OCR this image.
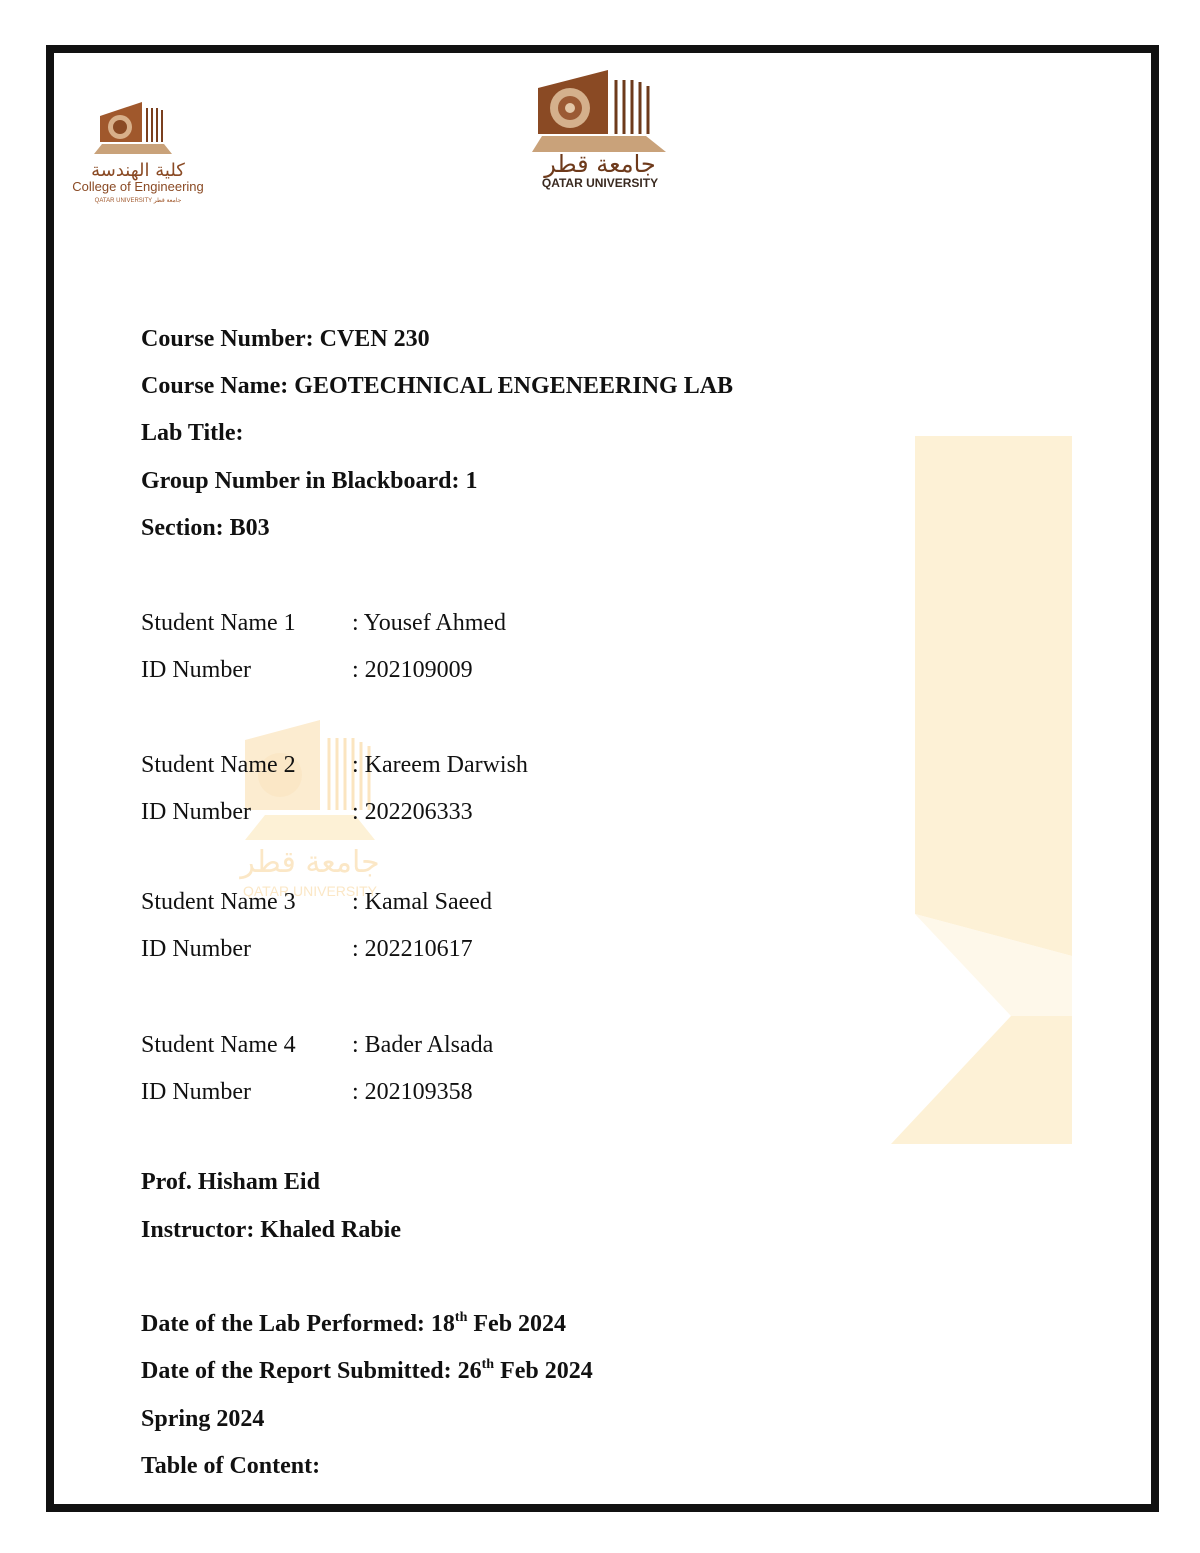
جامعة قطر
QATAR UNIVERSITY
كلية الهندسة
College of Engineering
QATAR UNIVERSITY جامعة قطر
جامعة قطر
QATAR UNIVERSITY
Course Number: CVEN 230
Course Name: GEOTECHNICAL ENGENEERING LAB
Lab Title:
Group Number in Blackboard: 1
Section: B03
Student Name 1 : Yousef Ahmed
ID Number	: 202109009
Student Name 2 : Kareem Darwish
ID Number	: 202206333
Student Name 3 : Kamal Saeed
ID Number	: 202210617
Student Name 4 : Bader Alsada
ID Number	: 202109358
Prof. Hisham Eid
Instructor: Khaled Rabie
Date of the Lab Performed: 18th Feb 2024
Date of the Report Submitted: 26th Feb 2024
Spring 2024
Table of Content:
